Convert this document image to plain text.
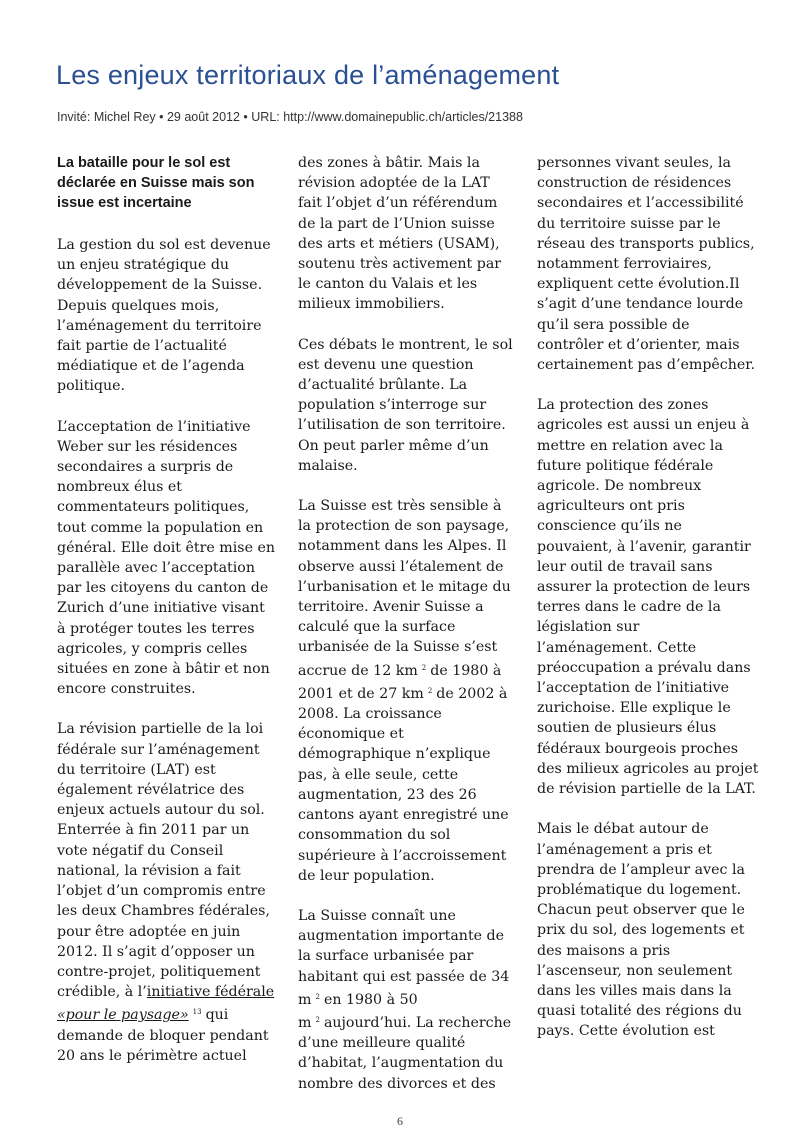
Les enjeux territoriaux de l’aménagement
Invité: Michel Rey • 29 août 2012 • URL: http://www.domainepublic.ch/articles/21388
La bataille pour le sol est déclarée en Suisse mais son issue est incertaine

La gestion du sol est devenue un enjeu stratégique du développement de la Suisse. Depuis quelques mois, l’aménagement du territoire fait partie de l’actualité médiatique et de l’agenda politique.

L’acceptation de l’initiative Weber sur les résidences secondaires a surpris de nombreux élus et commentateurs politiques, tout comme la population en général. Elle doit être mise en parallèle avec l’acceptation par les citoyens du canton de Zurich d’une initiative visant à protéger toutes les terres agricoles, y compris celles situées en zone à bâtir et non encore construites.

La révision partielle de la loi fédérale sur l’aménagement du territoire (LAT) est également révélatrice des enjeux actuels autour du sol. Enterrée à fin 2011 par un vote négatif du Conseil national, la révision a fait l’objet d’un compromis entre les deux Chambres fédérales, pour être adoptée en juin 2012. Il s’agit d’opposer un contre-projet, politiquement crédible, à l’initiative fédérale «pour le paysage» $^{13}$ qui demande de bloquer pendant 20 ans le périmètre actuel

des zones à bâtir. Mais la révision adoptée de la LAT fait l’objet d’un référendum de la part de l’Union suisse des arts et métiers (USAM), soutenu très activement par le canton du Valais et les milieux immobiliers.

Ces débats le montrent, le sol est devenu une question d’actualité brûlante. La population s’interroge sur l’utilisation de son territoire. On peut parler même d’un malaise.

La Suisse est très sensible à la protection de son paysage, notamment dans les Alpes. Il observe aussi l’étalement de l’urbanisation et le mitage du territoire. Avenir Suisse a calculé que la surface urbanisée de la Suisse s’est accrue de 12 km $^2$ de 1980 à 2001 et de 27 km $^2$ de 2002 à 2008. La croissance économique et démographique n’explique pas, à elle seule, cette augmentation, 23 des 26 cantons ayant enregistré une consommation du sol supérieure à l’accroissement de leur population.

La Suisse connaît une augmentation importante de la surface urbanisée par habitant qui est passée de 34 m $^2$ en 1980 à 50 m $^2$ aujourd’hui. La recherche d’une meilleure qualité d’habitat, l’augmentation du nombre des divorces et des

personnes vivant seules, la construction de résidences secondaires et l’accessibilité du territoire suisse par le réseau des transports publics, notamment ferroviaires, expliquent cette évolution.Il s’agit d’une tendance lourde qu’il sera possible de contrôler et d’orienter, mais certainement pas d’empêcher.

La protection des zones agricoles est aussi un enjeu à mettre en relation avec la future politique fédérale agricole. De nombreux agriculteurs ont pris conscience qu’ils ne pouvaient, à l’avenir, garantir leur outil de travail sans assurer la protection de leurs terres dans le cadre de la législation sur l’aménagement. Cette préoccupation a prévalu dans l’acceptation de l’initiative zurichoise. Elle explique le soutien de plusieurs élus fédéraux bourgeois proches des milieux agricoles au projet de révision partielle de la LAT.

Mais le débat autour de l’aménagement a pris et prendra de l’ampleur avec la problématique du logement. Chacun peut observer que le prix du sol, des logements et des maisons a pris l’ascenseur, non seulement dans les villes mais dans la quasi totalité des régions du pays. Cette évolution est

6
